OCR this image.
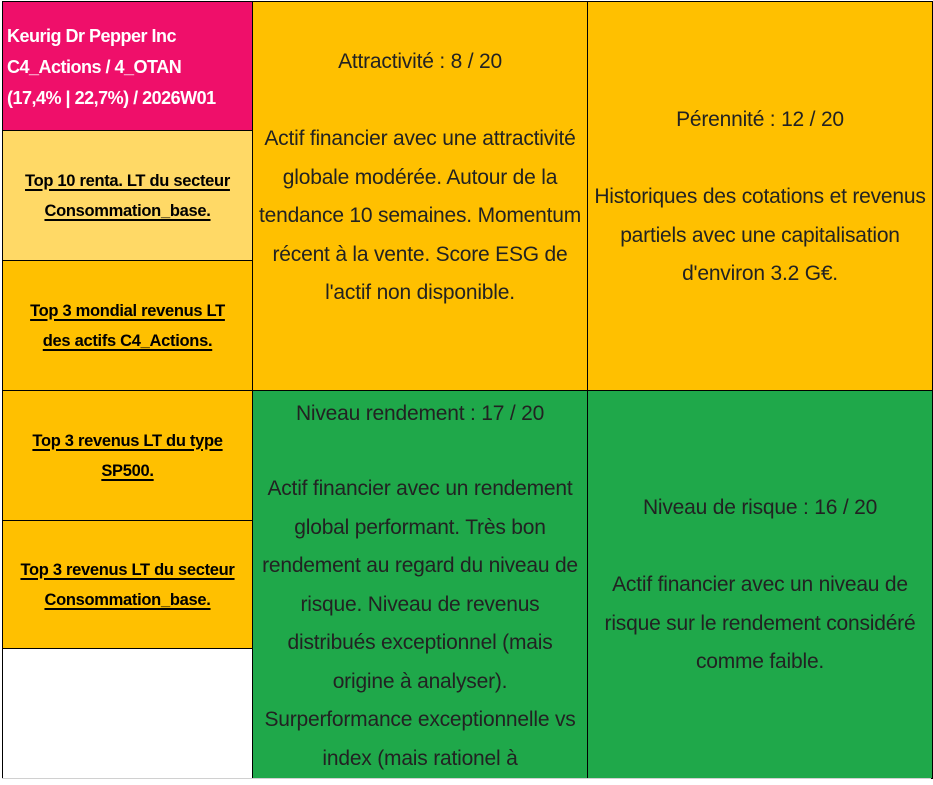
Keurig Dr Pepper Inc
C4_Actions / 4_OTAN
(17,4% | 22,7%) / 2026W01
Top 10 renta. LT du secteur
Consommation_base.
Top 3 mondial revenus LT
des actifs C4_Actions.
Top 3 revenus LT du type
SP500.
Top 3 revenus LT du secteur
Consommation_base.
Attractivité : 8 / 20
Actif financier avec une attractivité globale modérée. Autour de la tendance 10 semaines. Momentum récent à la vente. Score ESG de l'actif non disponible.
Pérennité : 12 / 20
Historiques des cotations et revenus partiels avec une capitalisation d'environ 3.2 G€.
Niveau rendement : 17 / 20
Actif financier avec un rendement global performant. Très bon rendement au regard du niveau de risque. Niveau de revenus distribués exceptionnel (mais origine à analyser). Surperformance exceptionnelle vs index (mais rationel à
Niveau de risque : 16 / 20
Actif financier avec un niveau de risque sur le rendement considéré comme faible.
